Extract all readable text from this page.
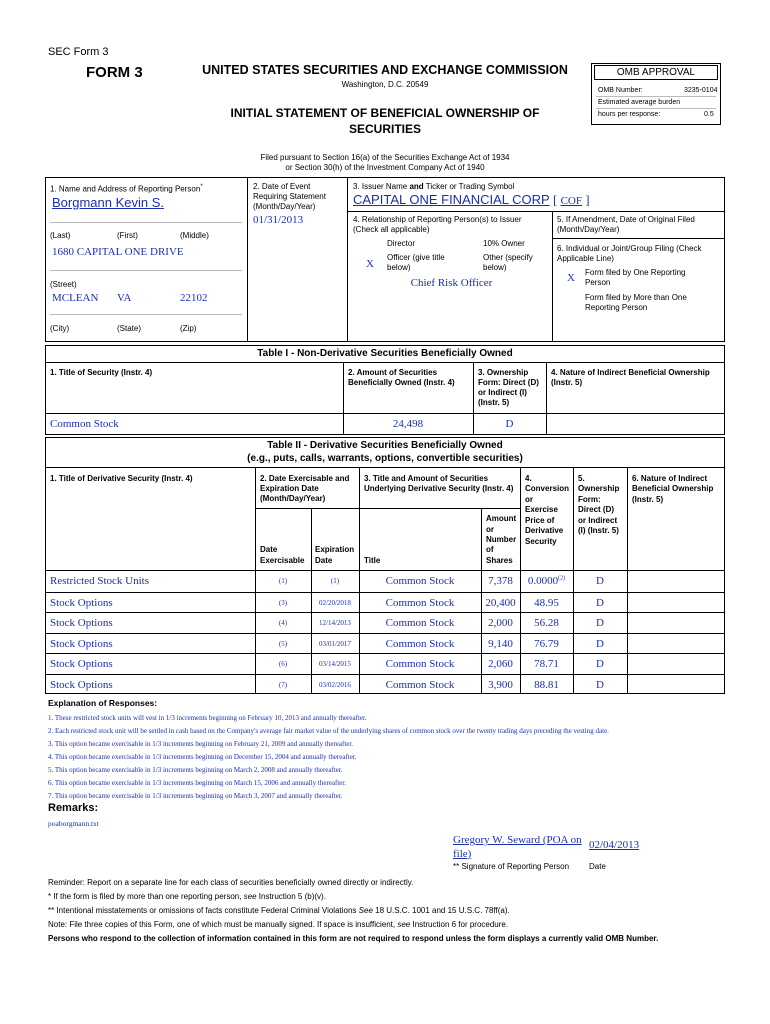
SEC Form 3
FORM 3	UNITED STATES SECURITIES AND EXCHANGE COMMISSION
Washington, D.C. 20549
INITIAL STATEMENT OF BENEFICIAL OWNERSHIP OF
SECURITIES
Filed pursuant to Section 16(a) of the Securities Exchange Act of 1934
or Section 30(h) of the Investment Company Act of 1940
OMB APPROVAL
OMB Number:	3235-0104
Estimated average burden
hours per response:	0.5
1. Name and Address of Reporting Person*
Borgmann Kevin S.
(Last)	(First)	(Middle)
1680 CAPITAL ONE DRIVE
(Street)
MCLEAN VA	22102
(City)	(State)	(Zip)
2. Date of Event
Requiring Statement
(Month/Day/Year)
01/31/2013
3. Issuer Name and Ticker or Trading Symbol
CAPITAL ONE FINANCIAL CORP [ COF ]
4. Relationship of Reporting Person(s) to Issuer
(Check all applicable)
Director	10% Owner
X
Officer (give title
below)
Other (specify
below)
Chief Risk Officer
5. If Amendment, Date of Original Filed
(Month/Day/Year)
6. Individual or Joint/Group Filing (Check
Applicable Line)
X Form filed by One Reporting
Person
Form filed by More than One
Reporting Person
Table I - Non-Derivative Securities Beneficially Owned
1. Title of Security (Instr. 4)	2. Amount of Securities
Beneficially Owned (Instr. 4)
3. Ownership
Form: Direct (D)
or Indirect (I)
(Instr. 5)
4. Nature of Indirect Beneficial Ownership
(Instr. 5)
Common Stock	24,498	D
Table II - Derivative Securities Beneficially Owned
(e.g., puts, calls, warrants, options, convertible securities)
1. Title of Derivative Security (Instr. 4)	2. Date Exercisable and
Expiration Date
(Month/Day/Year)
Date
Exercisable
Expiration
Date
3. Title and Amount of Securities
Underlying Derivative Security (Instr. 4)
Title
Amount
or
Number
of
Shares
4.
Conversion
or
Exercise
Price of
Derivative
Security
5.
Ownership
Form:
Direct (D)
or Indirect
(I) (Instr. 5)
6. Nature of Indirect
Beneficial Ownership
(Instr. 5)
Restricted Stock Units	(1)	(1)	Common Stock	7,378	0.0000$^{(2)}$	D
Stock Options	(3)	02/20/2018	Common Stock	20,400	48.95	D
Stock Options	(4)	12/14/2013	Common Stock	2,000	56.28	D
Stock Options	(5)	03/01/2017	Common Stock	9,140	76.79	D
Stock Options	(6)	03/14/2015	Common Stock	2,060	78.71	D
Stock Options	(7)	03/02/2016	Common Stock	3,900	88.81	D
Explanation of Responses:
1. These restricted stock units will vest in 1/3 increments beginning on February 10, 2013 and annually thereafter.
2. Each restricted stock unit will be settled in cash based on the Company's average fair market value of the underlying shares of common stock over the twenty trading days preceding the vesting date.
3. This option became exercisable in 1/3 increments beginning on February 21, 2009 and annually thereafter.
4. This option became exercisable in 1/3 increments beginning on December 15, 2004 and annually thereafter.
5. This option became exercisable in 1/3 increments beginning on March 2, 2008 and annually thereafter.
6. This option became exercisable in 1/3 increments beginning on March 15, 2006 and annually thereafter.
7. This option became exercisable in 1/3 increments beginning on March 3, 2007 and annually thereafter.
Remarks:
poaborgmann.txt
Gregory W. Seward (POA on
file)
02/04/2013
** Signature of Reporting Person Date
Reminder: Report on a separate line for each class of securities beneficially owned directly or indirectly.
* If the form is filed by more than one reporting person, see Instruction 5 (b)(v).
** Intentional misstatements or omissions of facts constitute Federal Criminal Violations See 18 U.S.C. 1001 and 15 U.S.C. 78ff(a).
Note: File three copies of this Form, one of which must be manually signed. If space is insufficient, see Instruction 6 for procedure.
Persons who respond to the collection of information contained in this form are not required to respond unless the form displays a currently valid OMB Number.
